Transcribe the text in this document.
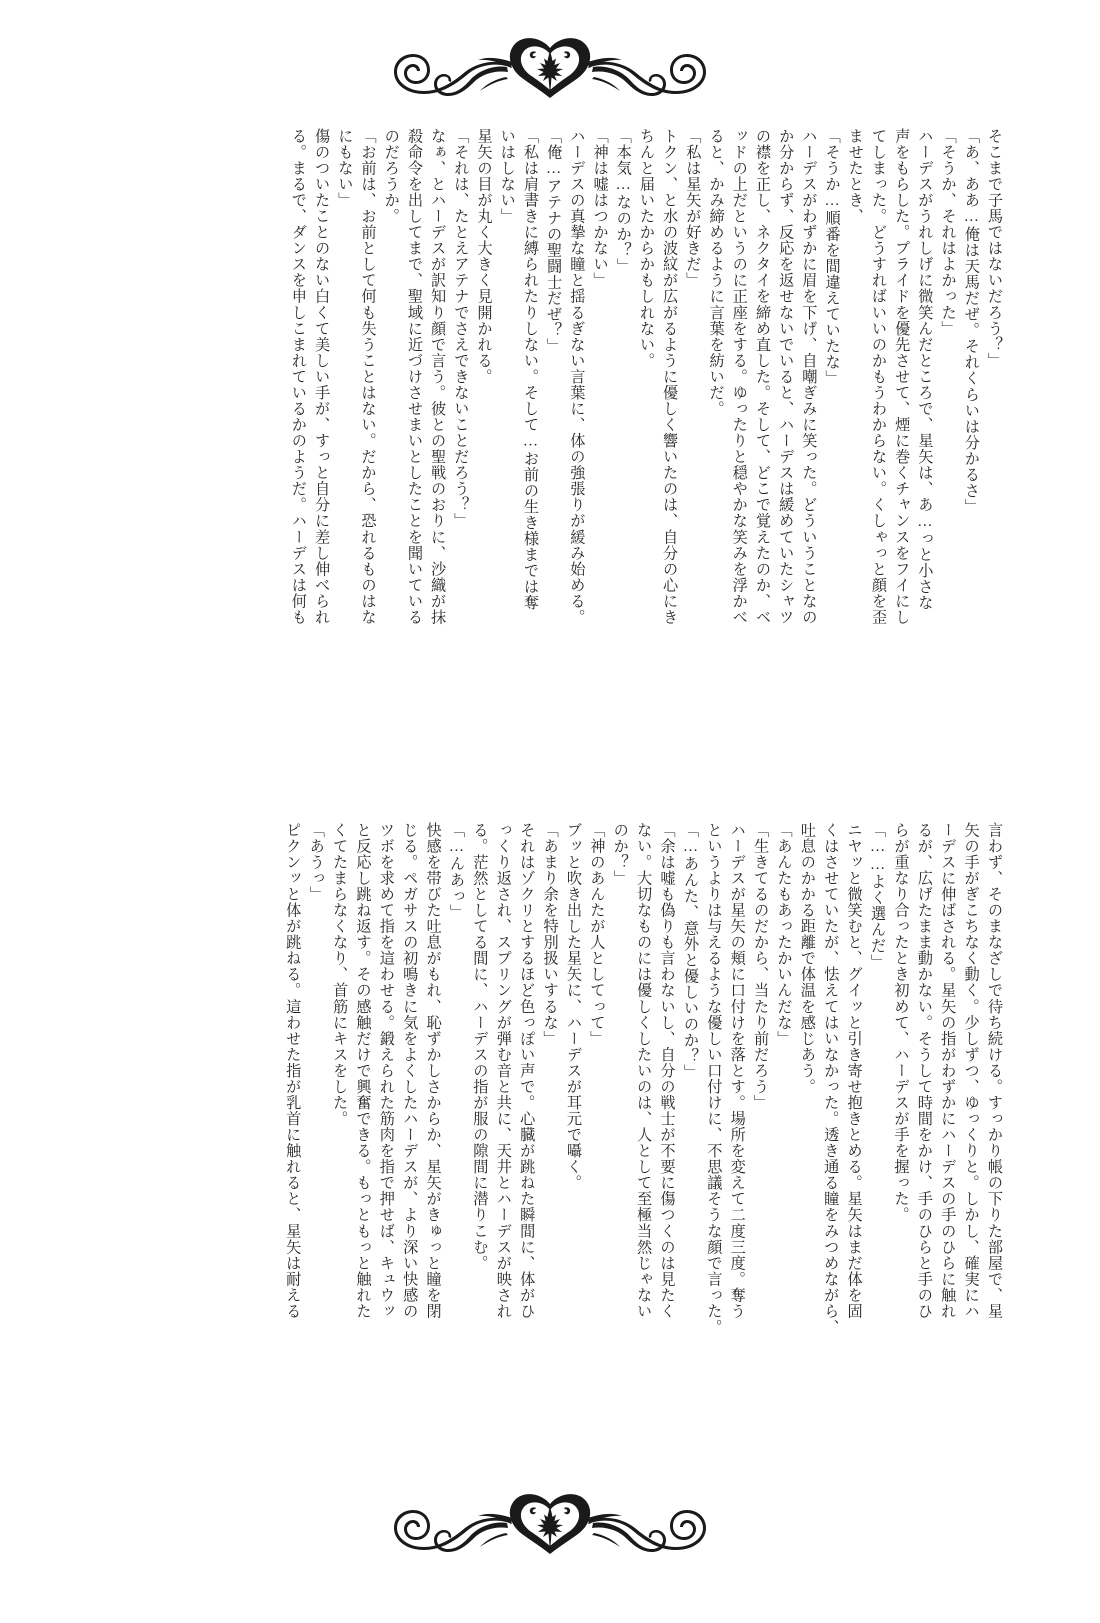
そこまで子馬ではないだろう？」
「あ、ああ…俺は天馬だぜ。それくらいは分かるさ」
「そうか、それはよかった」
ハーデスがうれしげに微笑んだところで、星矢は、あ…っと小さな
声をもらした。プライドを優先させて、煙に巻くチャンスをフイにし
てしまった。どうすればいいのかもうわからない。くしゃっと顔を歪
ませたとき、
「そうか…順番を間違えていたな」
ハーデスがわずかに眉を下げ、自嘲ぎみに笑った。どういうことなの
か分からず、反応を返せないでいると、ハーデスは緩めていたシャツ
の襟を正し、ネクタイを締め直した。そして、どこで覚えたのか、ベ
ッドの上だというのに正座をする。ゆったりと穏やかな笑みを浮かべ
ると、かみ締めるように言葉を紡いだ。
「私は星矢が好きだ」
トクン、と水の波紋が広がるように優しく響いたのは、自分の心にき
ちんと届いたからかもしれない。
「本気…なのか？」
「神は嘘はつかない」
ハーデスの真摯な瞳と揺るぎない言葉に、体の強張りが緩み始める。
「俺…アテナの聖闘士だぜ？」
「私は肩書きに縛られたりしない。そして…お前の生き様までは奪
いはしない」
星矢の目が丸く大きく見開かれる。
「それは、たとえアテナでさえできないことだろう？」
なぁ、とハーデスが訳知り顔で言う。彼との聖戦のおりに、沙織が抹
殺命令を出してまで、聖域に近づけさせまいとしたことを聞いている
のだろうか。
「お前は、お前として何も失うことはない。だから、恐れるものはな
にもない」
傷のついたことのない白くて美しい手が、すっと自分に差し伸べられ
る。まるで、ダンスを申しこまれているかのようだ。ハーデスは何も
言わず、そのまなざしで待ち続ける。すっかり帳の下りた部屋で、星
矢の手がぎこちなく動く。少しずつ、ゆっくりと。しかし、確実にハ
ーデスに伸ばされる。星矢の指がわずかにハーデスの手のひらに触れ
るが、広げたまま動かない。そうして時間をかけ、手のひらと手のひ
らが重なり合ったとき初めて、ハーデスが手を握った。
「……よく選んだ」
ニヤッと微笑むと、グイッと引き寄せ抱きとめる。星矢はまだ体を固
くはさせていたが、怯えてはいなかった。透き通る瞳をみつめながら、
吐息のかかる距離で体温を感じあう。
「あんたもあったかいんだな」
「生きてるのだから、当たり前だろう」
ハーデスが星矢の頬に口付けを落とす。場所を変えて二度三度。奪う
というよりは与えるような優しい口付けに、不思議そうな顔で言った。
「…あんた、意外と優しいのか？」
「余は嘘も偽りも言わないし、自分の戦士が不要に傷つくのは見たく
ない。大切なものには優しくしたいのは、人として至極当然じゃない
のか？」
「神のあんたが人としてって」
ブッと吹き出した星矢に、ハーデスが耳元で囁く。
「あまり余を特別扱いするな」
それはゾクリとするほど色っぽい声で。心臓が跳ねた瞬間に、体がひ
っくり返され、スプリングが弾む音と共に、天井とハーデスが映され
る。茫然としてる間に、ハーデスの指が服の隙間に潜りこむ。
「…んあっ」
快感を帯びた吐息がもれ、恥ずかしさからか、星矢がきゅっと瞳を閉
じる。ペガサスの初鳴きに気をよくしたハーデスが、より深い快感の
ツボを求めて指を這わせる。鍛えられた筋肉を指で押せば、キュウッ
と反応し跳ね返す。その感触だけで興奮できる。もっともっと触れた
くてたまらなくなり、首筋にキスをした。
「あうっ」
ピクンッと体が跳ねる。這わせた指が乳首に触れると、星矢は耐える
